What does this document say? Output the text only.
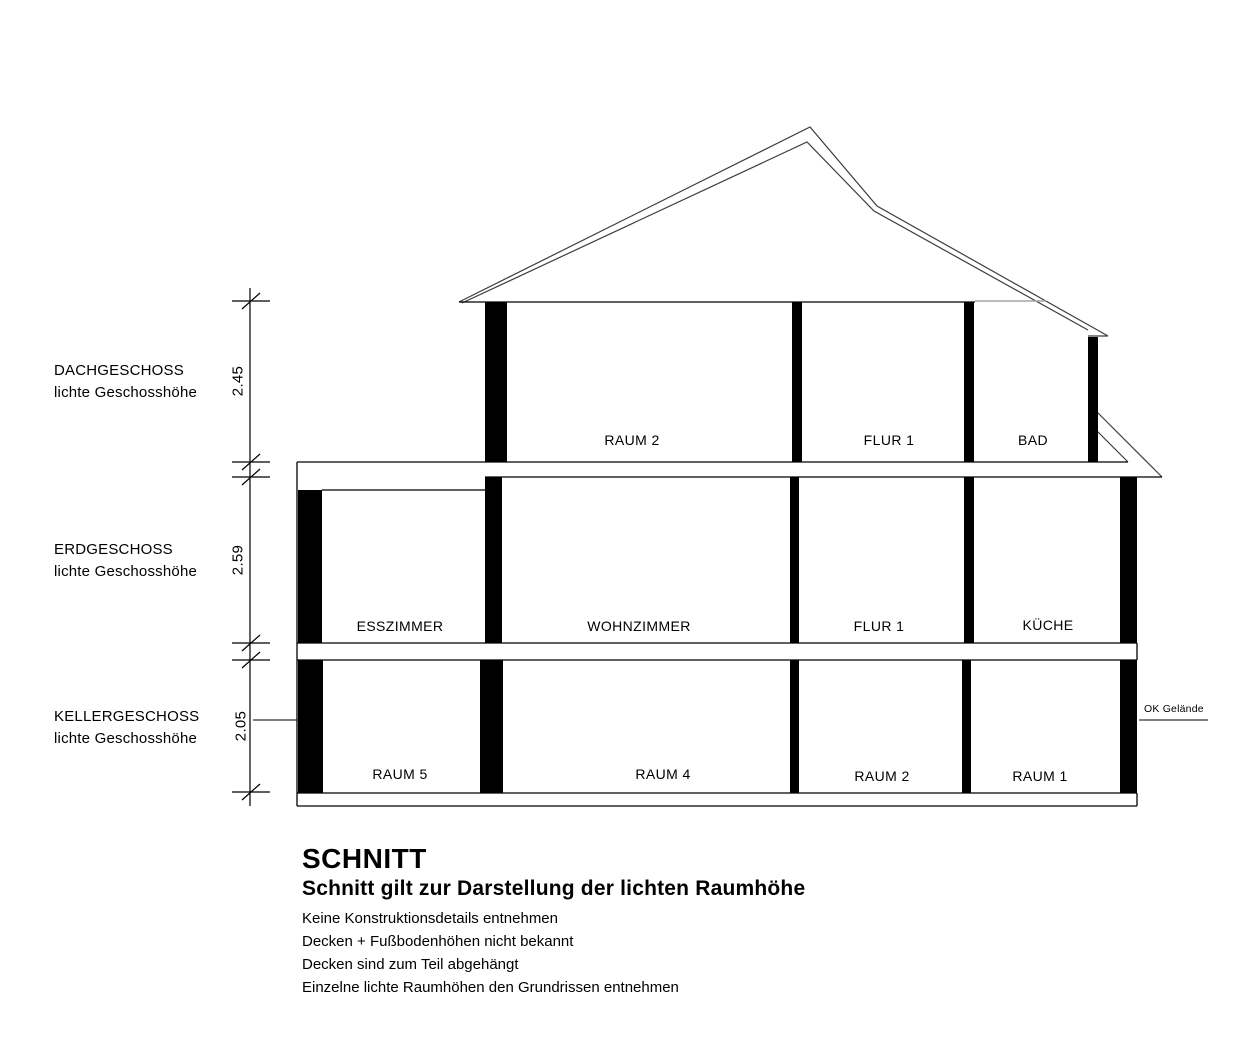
DACHGESCHOSS
lichte Geschosshöhe 2.45
ERDGESCHOSS
lichte Geschosshöhe 2.59
KELLERGESCHOSS
lichte Geschosshöhe 2.05
RAUM 2	FLUR 1	BAD
ESSZIMMER	WOHNZIMMER	FLUR 1	KÜCHE
RAUM 5	RAUM 4	RAUM 2	RAUM 1
OK Gelände
SCHNITT
Schnitt gilt zur Darstellung der lichten Raumhöhe
Keine Konstruktionsdetails entnehmen
Decken + Fußbodenhöhen nicht bekannt
Decken sind zum Teil abgehängt
Einzelne lichte Raumhöhen den Grundrissen entnehmen
